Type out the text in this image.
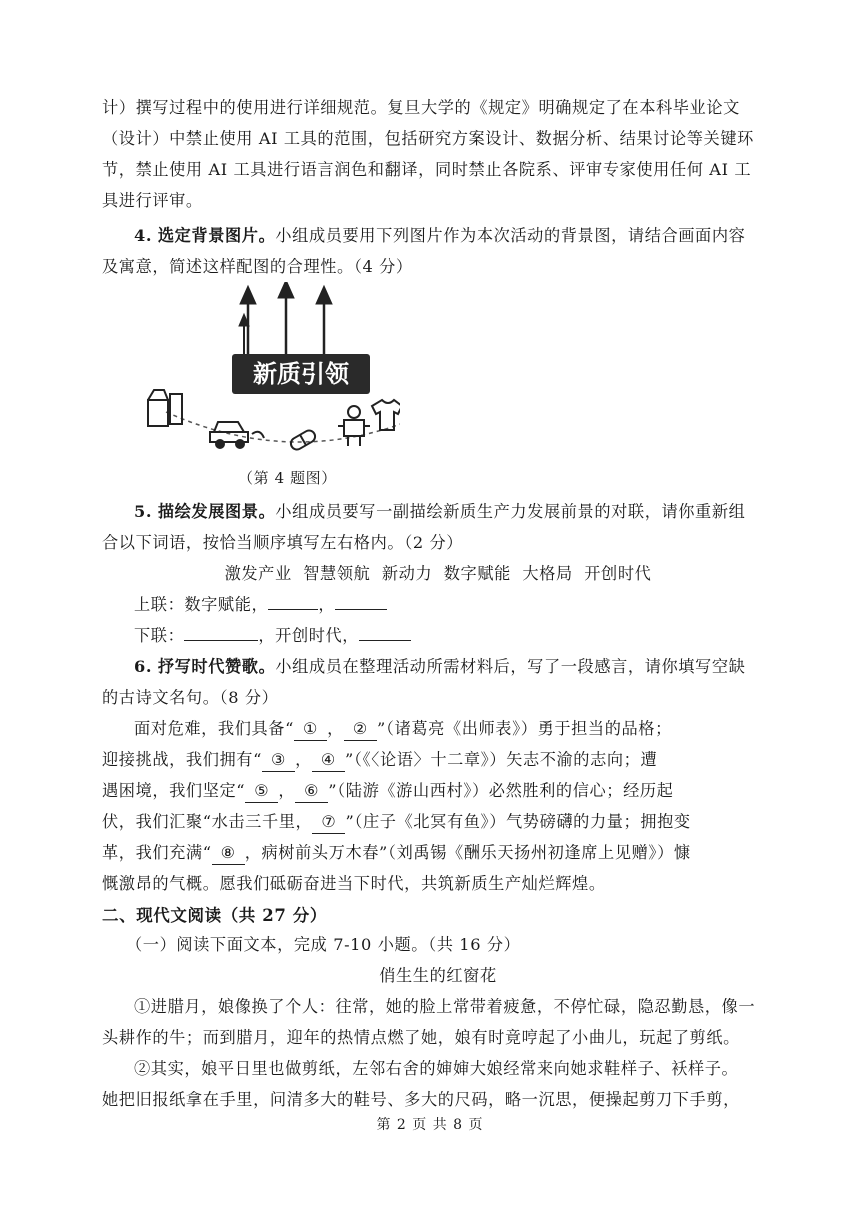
计）撰写过程中的使用进行详细规范。复旦大学的《规定》明确规定了在本科毕业论文
（设计）中禁止使用 AI 工具的范围，包括研究方案设计、数据分析、结果讨论等关键环
节，禁止使用 AI 工具进行语言润色和翻译，同时禁止各院系、评审专家使用任何 AI 工
具进行评审。
4. 选定背景图片。小组成员要用下列图片作为本次活动的背景图，请结合画面内容
及寓意，简述这样配图的合理性。（4 分）
新质引领
（第 4 题图）
5. 描绘发展图景。小组成员要写一副描绘新质生产力发展前景的对联，请你重新组
合以下词语，按恰当顺序填写左右格内。（2 分）
激发产业  智慧领航  新动力  数字赋能  大格局  开创时代
上联：数字赋能，	，
下联：	，开创时代，
6. 抒写时代赞歌。小组成员在整理活动所需材料后，写了一段感言，请你填写空缺
的古诗文名句。（8 分）
面对危难，我们具备“ ① ， ② ”（诸葛亮《出师表》）勇于担当的品格；
迎接挑战，我们拥有“ ③ ， ④ ”（《〈论语〉十二章》）矢志不渝的志向；遭
遇困境，我们坚定“ ⑤ ， ⑥ ”（陆游《游山西村》）必然胜利的信心；经历起
伏，我们汇聚“水击三千里， ⑦ ”（庄子《北冥有鱼》）气势磅礴的力量；拥抱变
革，我们充满“ ⑧ ，病树前头万木春”（刘禹锡《酬乐天扬州初逢席上见赠》）慷
慨激昂的气概。愿我们砥砺奋进当下时代，共筑新质生产灿烂辉煌。
二、现代文阅读（共 27 分）
（一）阅读下面文本，完成 7-10 小题。（共 16 分）
俏生生的红窗花
①进腊月，娘像换了个人：往常，她的脸上常带着疲惫，不停忙碌，隐忍勤恳，像一
头耕作的牛；而到腊月，迎年的热情点燃了她，娘有时竟哼起了小曲儿，玩起了剪纸。
②其实，娘平日里也做剪纸，左邻右舍的婶婶大娘经常来向她求鞋样子、袄样子。
她把旧报纸拿在手里，问清多大的鞋号、多大的尺码，略一沉思，便操起剪刀下手剪，
第 2 页 共 8 页
